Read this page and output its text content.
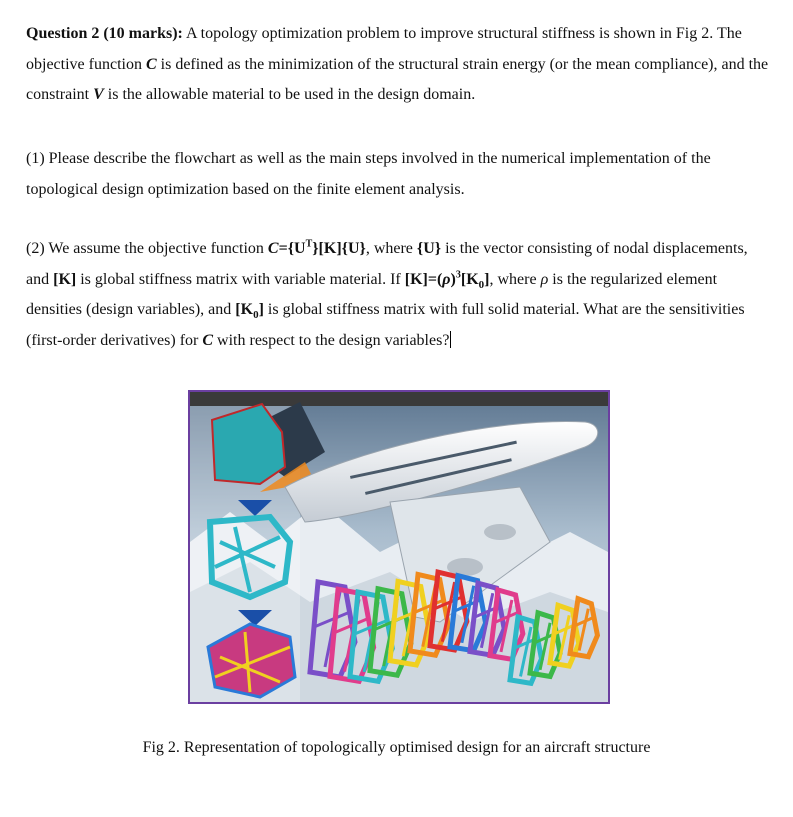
Question 2 (10 marks): A topology optimization problem to improve structural stiffness is shown in Fig 2. The objective function C is defined as the minimization of the structural strain energy (or the mean compliance), and the constraint V is the allowable material to be used in the design domain.

(1) Please describe the flowchart as well as the main steps involved in the numerical implementation of the topological design optimization based on the finite element analysis.

(2) We assume the objective function $C=\{U^T\}[K]\{U\}$, where {U} is the vector consisting of nodal displacements, and [K] is global stiffness matrix with variable material. If $[K]=(\rho)^3[K_0]$, where ρ is the regularized element densities (design variables), and $[K_0]$ is global stiffness matrix with full solid material. What are the sensitivities (first-order derivatives) for C with respect to the design variables?

Fig 2. Representation of topologically optimised design for an aircraft structure
